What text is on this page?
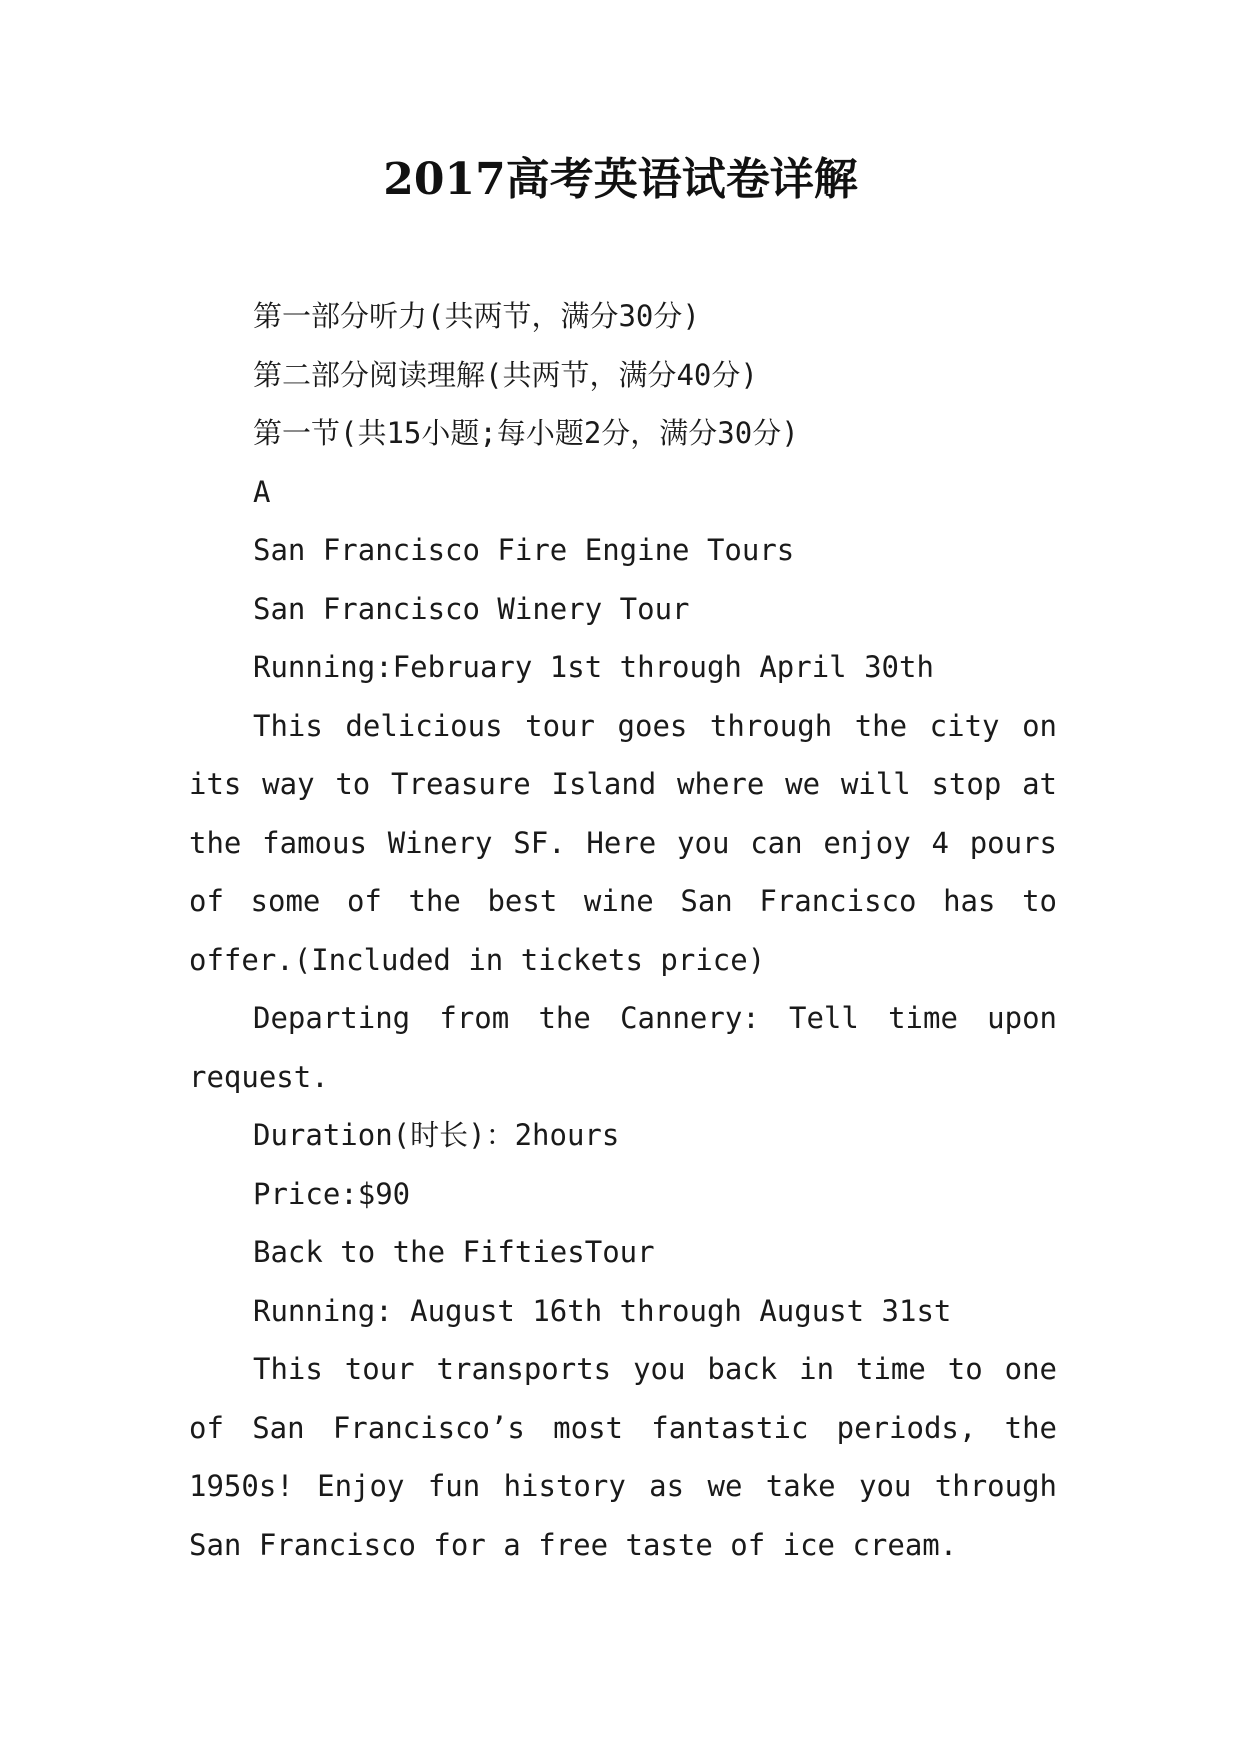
2017高考英语试卷详解

第一部分听力(共两节，满分30分)

第二部分阅读理解(共两节，满分40分)

第一节(共15小题;每小题2分，满分30分)

A

San Francisco Fire Engine Tours

San Francisco Winery Tour

Running:February 1st through April 30th

This delicious tour goes through the city on its way to Treasure Island where we will stop at the famous Winery SF. Here you can enjoy 4 pours of some of the best wine San Francisco has to offer.(Included in tickets price)

Departing from the Cannery: Tell time upon request.

Duration(时长)：2hours

Price:$90

Back to the FiftiesTour

Running: August 16th through August 31st

This tour transports you back in time to one of San Francisco’s most fantastic periods, the 1950s! Enjoy fun history as we take you through San Francisco for a free taste of ice cream.
